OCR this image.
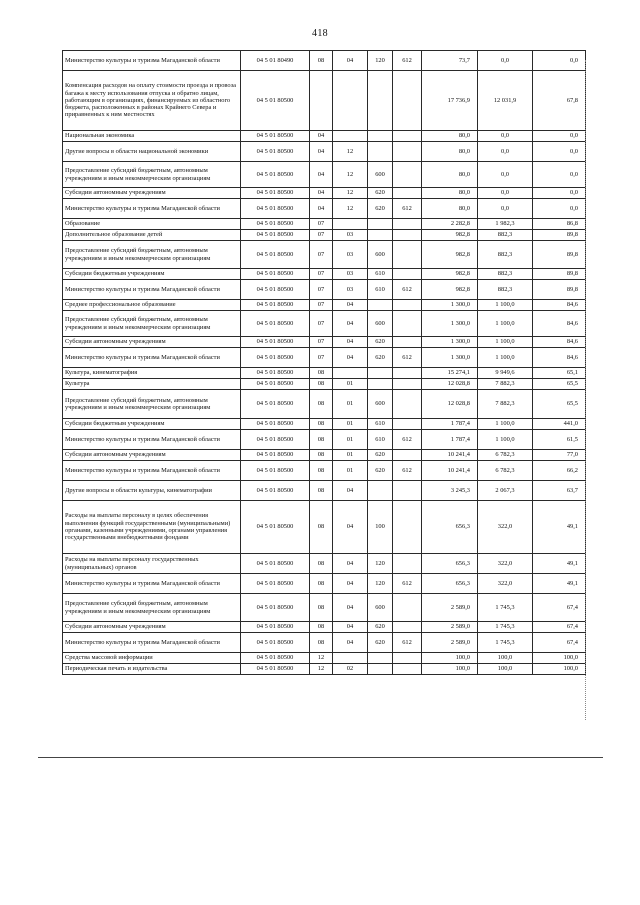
418
Министерство культуры и туризма Магаданской области	04 5 01 80490	08	04	120	612	73,7	0,0	0,0
Компенсация расходов на оплату стоимости проезда и провоза багажа к месту использования отпуска и обратно лицам, работающим в организациях, финансируемых из областного бюджета, расположенных в районах Крайнего Севера и приравненных к ним местностях	04 5 01 80500					17 736,9	12 031,9	67,8
Национальная экономика	04 5 01 80500	04				80,0	0,0	0,0
Другие вопросы в области национальной экономики	04 5 01 80500	04	12			80,0	0,0	0,0
Предоставление субсидий бюджетным, автономным учреждениям и иным некоммерческим организациям	04 5 01 80500	04	12	600		80,0	0,0	0,0
Субсидии автономным учреждениям	04 5 01 80500	04	12	620		80,0	0,0	0,0
Министерство культуры и туризма Магаданской области	04 5 01 80500	04	12	620	612	80,0	0,0	0,0
Образование	04 5 01 80500	07				2 282,8	1 982,3	86,8
Дополнительное образование детей	04 5 01 80500	07	03			982,8	882,3	89,8
Предоставление субсидий бюджетным, автономным учреждениям и иным некоммерческим организациям	04 5 01 80500	07	03	600		982,8	882,3	89,8
Субсидии бюджетным учреждениям	04 5 01 80500	07	03	610		982,8	882,3	89,8
Министерство культуры и туризма Магаданской области	04 5 01 80500	07	03	610	612	982,8	882,3	89,8
Среднее профессиональное образование	04 5 01 80500	07	04			1 300,0	1 100,0	84,6
Предоставление субсидий бюджетным, автономным учреждениям и иным некоммерческим организациям	04 5 01 80500	07	04	600		1 300,0	1 100,0	84,6
Субсидии автономным учреждениям	04 5 01 80500	07	04	620		1 300,0	1 100,0	84,6
Министерство культуры и туризма Магаданской области	04 5 01 80500	07	04	620	612	1 300,0	1 100,0	84,6
Культура, кинематография	04 5 01 80500	08				15 274,1	9 949,6	65,1
Культура	04 5 01 80500	08	01			12 028,8	7 882,3	65,5
Предоставление субсидий бюджетным, автономным учреждениям и иным некоммерческим организациям	04 5 01 80500	08	01	600		12 028,8	7 882,3	65,5
Субсидии бюджетным учреждениям	04 5 01 80500	08	01	610		1 787,4	1 100,0	441,0
Министерство культуры и туризма Магаданской области	04 5 01 80500	08	01	610	612	1 787,4	1 100,0	61,5
Субсидии автономным учреждениям	04 5 01 80500	08	01	620		10 241,4	6 782,3	77,0
Министерство культуры и туризма Магаданской области	04 5 01 80500	08	01	620	612	10 241,4	6 782,3	66,2
Другие вопросы в области культуры, кинематографии	04 5 01 80500	08	04			3 245,3	2 067,3	63,7
Расходы на выплаты персоналу в целях обеспечения выполнения функций государственными (муниципальными) органами, казенными учреждениями, органами управления государственными внебюджетными фондами	04 5 01 80500	08	04	100		656,3	322,0	49,1
Расходы на выплаты персоналу государственных (муниципальных) органов	04 5 01 80500	08	04	120		656,3	322,0	49,1
Министерство культуры и туризма Магаданской области	04 5 01 80500	08	04	120	612	656,3	322,0	49,1
Предоставление субсидий бюджетным, автономным учреждениям и иным некоммерческим организациям	04 5 01 80500	08	04	600		2 589,0	1 745,3	67,4
Субсидии автономным учреждениям	04 5 01 80500	08	04	620		2 589,0	1 745,3	67,4
Министерство культуры и туризма Магаданской области	04 5 01 80500	08	04	620	612	2 589,0	1 745,3	67,4
Средства массовой информации	04 5 01 80500	12				100,0	100,0	100,0
Периодическая печать и издательства	04 5 01 80500	12	02			100,0	100,0	100,0
